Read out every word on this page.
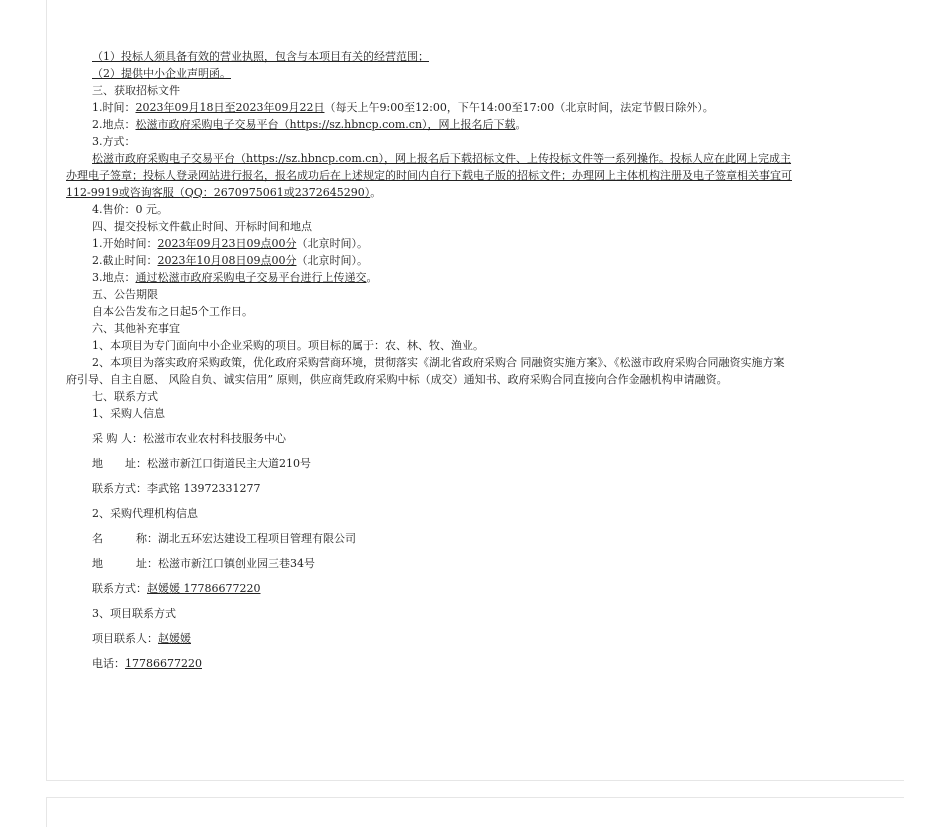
（1）投标人须具备有效的营业执照，包含与本项目有关的经营范围；
（2）提供中小企业声明函。
三、获取招标文件
1.时间：2023年09月18日至2023年09月22日（每天上午9:00至12:00，下午14:00至17:00（北京时间，法定节假日除外）。
2.地点：松滋市政府采购电子交易平台（https://sz.hbncp.com.cn），网上报名后下载。
3.方式：
松滋市政府采购电子交易平台（https://sz.hbncp.com.cn），网上报名后下载招标文件、上传投标文件等一系列操作。投标人应在此网上完成主
办理电子签章；投标人登录网站进行报名，报名成功后在上述规定的时间内自行下载电子版的招标文件；办理网上主体机构注册及电子签章相关事宜可
112-9919或咨询客服（QQ：2670975061或2372645290）。
4.售价：0 元。
四、提交投标文件截止时间、开标时间和地点
1.开始时间：2023年09月23日09点00分（北京时间）。
2.截止时间：2023年10月08日09点00分（北京时间）。
3.地点：通过松滋市政府采购电子交易平台进行上传递交。
五、公告期限
自本公告发布之日起5个工作日。
六、其他补充事宜
1、本项目为专门面向中小企业采购的项目。项目标的属于：农、林、牧、渔业。
2、本项目为落实政府采购政策，优化政府采购营商环境，贯彻落实《湖北省政府采购合 同融资实施方案》、《松滋市政府采购合同融资实施方案
府引导、自主自愿、 风险自负、诚实信用” 原则，供应商凭政府采购中标（成交）通知书、政府采购合同直接向合作金融机构申请融资。
七、联系方式
1、采购人信息
采 购 人：松滋市农业农村科技服务中心
地　　址：松滋市新江口街道民主大道210号
联系方式：李武铭 13972331277
2、采购代理机构信息
名　　　称：湖北五环宏达建设工程项目管理有限公司
地　　　址：松滋市新江口镇创业园三巷34号
联系方式：赵媛媛 17786677220
3、项目联系方式
项目联系人：赵媛媛
电话：17786677220
